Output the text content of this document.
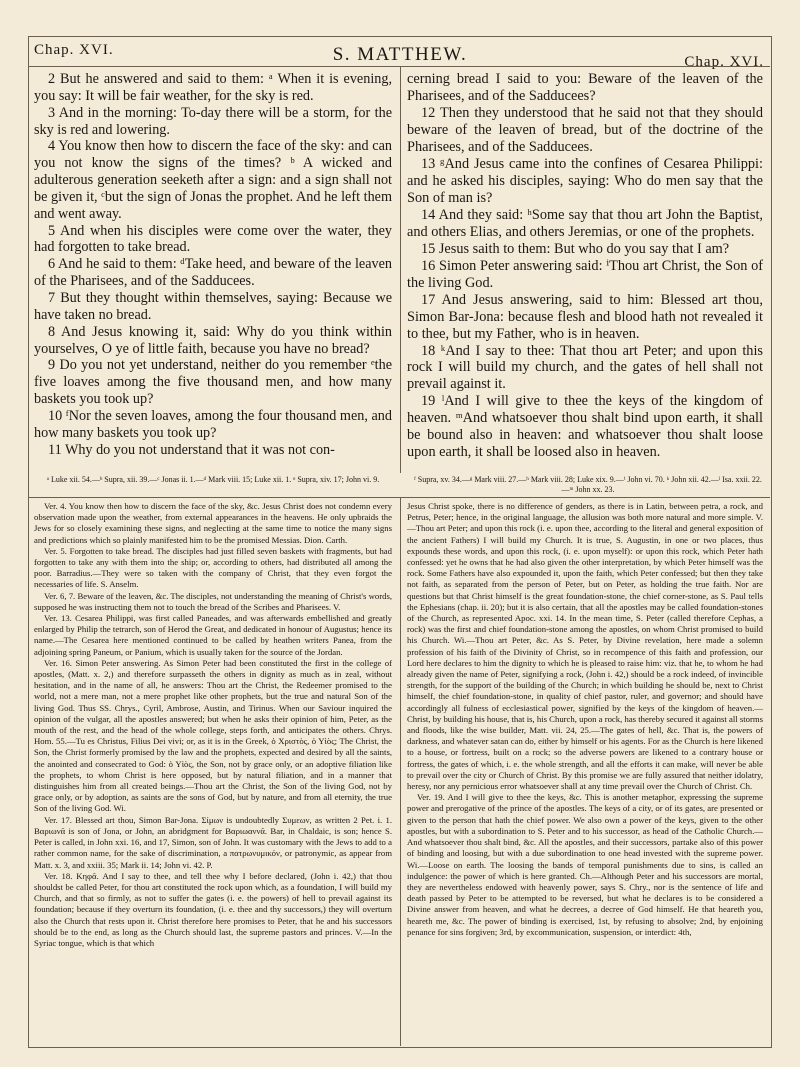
Chap. XVI.	S. MATTHEW.	Chap. XVI.

2 But he answered and said to them: ᵃ When it is evening, you say: It will be fair weather, for the sky is red.

3 And in the morning: To-day there will be a storm, for the sky is red and lowering.

4 You know then how to discern the face of the sky: and can you not know the signs of the times? ᵇ A wicked and adulterous generation seeketh after a sign: and a sign shall not be given it, ᶜbut the sign of Jonas the prophet. And he left them and went away.

5 And when his disciples were come over the water, they had forgotten to take bread.

6 And he said to them: ᵈTake heed, and beware of the leaven of the Pharisees, and of the Sadducees.

7 But they thought within themselves, saying: Because we have taken no bread.

8 And Jesus knowing it, said: Why do you think within yourselves, O ye of little faith, because you have no bread?

9 Do you not yet understand, neither do you remember ᵉthe five loaves among the five thousand men, and how many baskets you took up?

10 ᶠNor the seven loaves, among the four thousand men, and how many baskets you took up?

11 Why do you not understand that it was not con-

cerning bread I said to you: Beware of the leaven of the Pharisees, and of the Sadducees?

12 Then they understood that he said not that they should beware of the leaven of bread, but of the doctrine of the Pharisees, and of the Sadducees.

13 ᵍAnd Jesus came into the confines of Cesarea Philippi: and he asked his disciples, saying: Who do men say that the Son of man is?

14 And they said: ʰSome say that thou art John the Baptist, and others Elias, and others Jeremias, or one of the prophets.

15 Jesus saith to them: But who do you say that I am?

16 Simon Peter answering said: ⁱThou art Christ, the Son of the living God.

17 And Jesus answering, said to him: Blessed art thou, Simon Bar-Jona: because flesh and blood hath not revealed it to thee, but my Father, who is in heaven.

18 ᵏAnd I say to thee: That thou art Peter; and upon this rock I will build my church, and the gates of hell shall not prevail against it.

19 ˡAnd I will give to thee the keys of the kingdom of heaven. ᵐAnd whatsoever thou shalt bind upon earth, it shall be bound also in heaven: and whatsoever thou shalt loose upon earth, it shall be loosed also in heaven.

ᵃ Luke xii. 54.—ᵇ Supra, xii. 39.—ᶜ Jonas ii. 1.—ᵈ Mark viii. 15; Luke xii. 1. ᵉ Supra, xiv. 17; John vi. 9.	ᶠ Supra, xv. 34.—ᵍ Mark viii. 27.—ʰ Mark viii. 28; Luke xix. 9.—ⁱ John vi. 70. ᵏ John xii. 42.—ˡ Isa. xxii. 22.—ᵐ John xx. 23.

Ver. 4. You know then how to discern the face of the sky, &c. Jesus Christ does not condemn every observation made upon the weather, from external appearances in the heavens. He only upbraids the Jews for so closely examining these signs, and neglecting at the same time to notice the many signs and predictions which so plainly manifested him to be the promised Messias. Dion. Carth.

Ver. 5. Forgotten to take bread. The disciples had just filled seven baskets with fragments, but had forgotten to take any with them into the ship; or, according to others, had distributed all among the poor. Barradius.—They were so taken with the company of Christ, that they even forgot the necessaries of life. S. Anselm.

Ver. 6, 7. Beware of the leaven, &c. The disciples, not understanding the meaning of Christ's words, supposed he was instructing them not to touch the bread of the Scribes and Pharisees. V.

Ver. 13. Cesarea Philippi, was first called Paneades, and was afterwards embellished and greatly enlarged by Philip the tetrarch, son of Herod the Great, and dedicated in honour of Augustus; hence its name.—The Cesarea here mentioned continued to be called by heathen writers Panea, from the adjoining spring Paneum, or Panium, which is usually taken for the source of the Jordan.

Ver. 16. Simon Peter answering. As Simon Peter had been constituted the first in the college of apostles, (Matt. x. 2,) and therefore surpasseth the others in dignity as much as in zeal, without hesitation, and in the name of all, he answers: Thou art the Christ, the Redeemer promised to the world, not a mere man, not a mere prophet like other prophets, but the true and natural Son of the living God. Thus SS. Chrys., Cyril, Ambrose, Austin, and Tirinus. When our Saviour inquired the opinion of the vulgar, all the apostles answered; but when he asks their opinion of him, Peter, as the mouth of the rest, and the head of the whole college, steps forth, and anticipates the others. Chrys. Hom. 55.—Tu es Christus, Filius Dei vivi; or, as it is in the Greek, ὁ Χριστὸς, ὁ Υἱὸς; The Christ, the Son, the Christ formerly promised by the law and the prophets, expected and desired by all the saints, the anointed and consecrated to God: ὁ Υἱὸς, the Son, not by grace only, or an adoptive filiation like the prophets, to whom Christ is here opposed, but by natural filiation, and in a manner that distinguishes him from all created beings.—Thou art the Christ, the Son of the living God, not by grace only, or by adoption, as saints are the sons of God, but by nature, and from all eternity, the true Son of the living God. Wi.

Ver. 17. Blessed art thou, Simon Bar-Jona. Σίμων is undoubtedly Συμεων, as written 2 Pet. i. 1. Βαριωνᾶ is son of Jona, or John, an abridgment for Βαριωαννᾶ. Bar, in Chaldaic, is son; hence S. Peter is called, in John xxi. 16, and 17, Simon, son of John. It was customary with the Jews to add to a rather common name, for the sake of discrimination, a πατρωνυμικόν, or patronymic, as appear from Matt. x. 3, and xxiii. 35; Mark ii. 14; John vi. 42. P.

Ver. 18. Κηφᾶ. And I say to thee, and tell thee why I before declared, (John i. 42,) that thou shouldst be called Peter, for thou art constituted the rock upon which, as a foundation, I will build my Church, and that so firmly, as not to suffer the gates (i. e. the powers) of hell to prevail against its foundation; because if they overturn its foundation, (i. e. thee and thy successors,) they will overturn also the Church that rests upon it. Christ therefore here promises to Peter, that he and his successors should be to the end, as long as the Church should last, the supreme pastors and princes. V.—In the Syriac tongue, which is that which

Jesus Christ spoke, there is no difference of genders, as there is in Latin, between petra, a rock, and Petrus, Peter; hence, in the original language, the allusion was both more natural and more simple. V.—Thou art Peter; and upon this rock (i. e. upon thee, according to the literal and general exposition of the ancient Fathers) I will build my Church. It is true, S. Augustin, in one or two places, thus expounds these words, and upon this rock, (i. e. upon myself): or upon this rock, which Peter hath confessed: yet he owns that he had also given the other interpretation, by which Peter himself was the rock. Some Fathers have also expounded it, upon the faith, which Peter confessed; but then they take not faith, as separated from the person of Peter, but on Peter, as holding the true faith. Nor are questions but that Christ himself is the great foundation-stone, the chief corner-stone, as S. Paul tells the Ephesians (chap. ii. 20); but it is also certain, that all the apostles may be called foundation-stones of the Church, as represented Apoc. xxi. 14. In the mean time, S. Peter (called therefore Cephas, a rock) was the first and chief foundation-stone among the apostles, on whom Christ promised to build his Church. Wi.—Thou art Peter, &c. As S. Peter, by Divine revelation, here made a solemn profession of his faith of the Divinity of Christ, so in recompence of this faith and profession, our Lord here declares to him the dignity to which he is pleased to raise him: viz. that he, to whom he had already given the name of Peter, signifying a rock, (John i. 42,) should be a rock indeed, of invincible strength, for the support of the building of the Church; in which building he should be, next to Christ himself, the chief foundation-stone, in quality of chief pastor, ruler, and governor; and should have accordingly all fulness of ecclesiastical power, signified by the keys of the kingdom of heaven.—Christ, by building his house, that is, his Church, upon a rock, has thereby secured it against all storms and floods, like the wise builder, Matt. vii. 24, 25.—The gates of hell, &c. That is, the powers of darkness, and whatever satan can do, either by himself or his agents. For as the Church is here likened to a house, or fortress, built on a rock; so the adverse powers are likened to a contrary house or fortress, the gates of which, i. e. the whole strength, and all the efforts it can make, will never be able to prevail over the city or Church of Christ. By this promise we are fully assured that neither idolatry, heresy, nor any pernicious error whatsoever shall at any time prevail over the Church of Christ. Ch.

Ver. 19. And I will give to thee the keys, &c. This is another metaphor, expressing the supreme power and prerogative of the prince of the apostles. The keys of a city, or of its gates, are presented or given to the person that hath the chief power. We also own a power of the keys, given to the other apostles, but with a subordination to S. Peter and to his successor, as head of the Catholic Church.—And whatsoever thou shalt bind, &c. All the apostles, and their successors, partake also of this power of binding and loosing, but with a due subordination to one head invested with the supreme power. Wi.—Loose on earth. The loosing the bands of temporal punishments due to sins, is called an indulgence: the power of which is here granted. Ch.—Although Peter and his successors are mortal, they are nevertheless endowed with heavenly power, says S. Chry., nor is the sentence of life and death passed by Peter to be attempted to be reversed, but what he declares is to be considered a Divine answer from heaven, and what he decrees, a decree of God himself. He that heareth you, heareth me, &c. The power of binding is exercised, 1st, by refusing to absolve; 2nd, by enjoining penance for sins forgiven; 3rd, by excommunication, suspension, or interdict: 4th,
